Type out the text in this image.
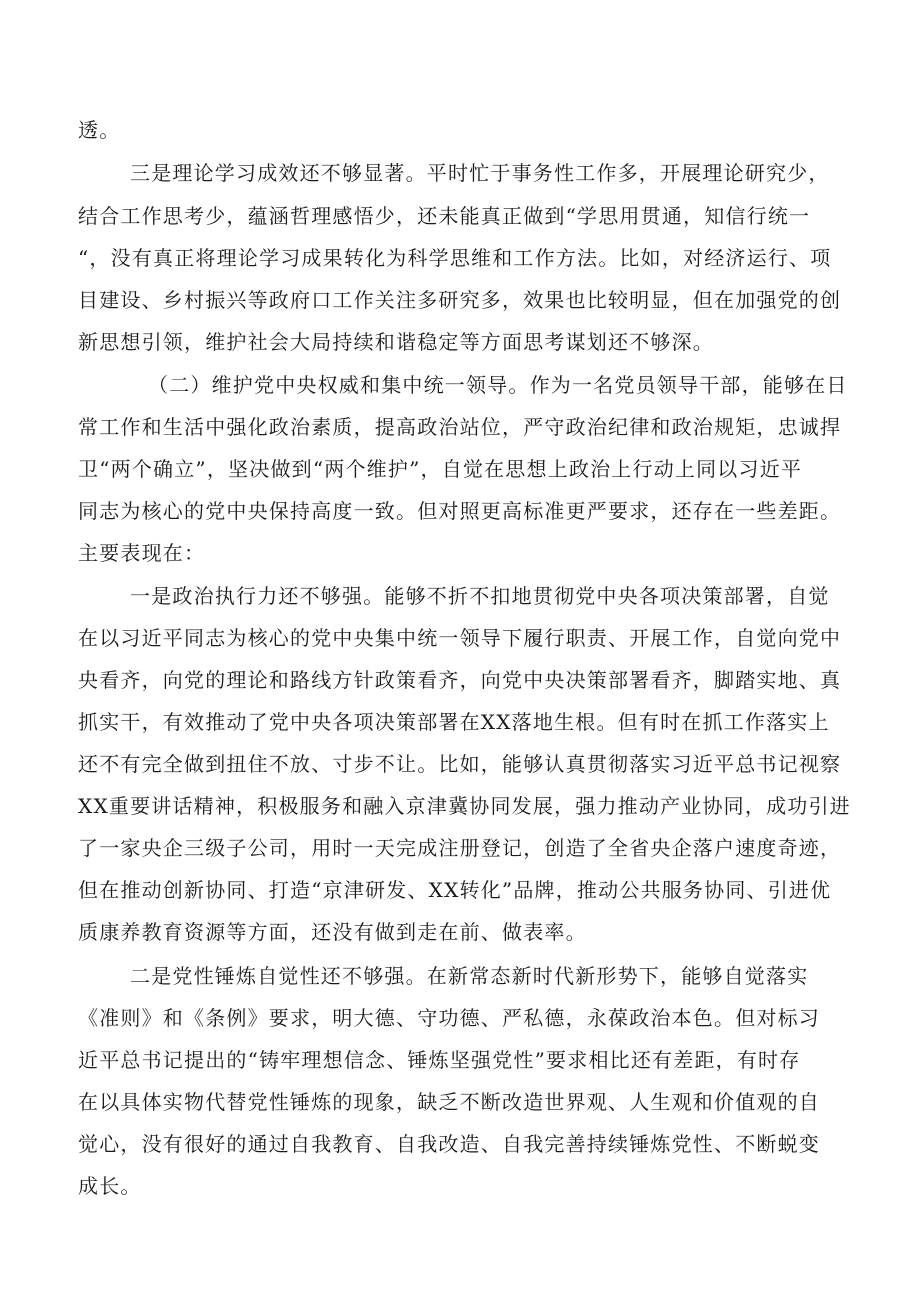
透。

三是理论学习成效还不够显著。平时忙于事务性工作多，开展理论研究少，

结合工作思考少，蕴涵哲理感悟少，还未能真正做到“学思用贯通，知信行统一

“，没有真正将理论学习成果转化为科学思维和工作方法。比如，对经济运行、项

目建设、乡村振兴等政府口工作关注多研究多，效果也比较明显，但在加强党的创

新思想引领，维护社会大局持续和谐稳定等方面思考谋划还不够深。

（二）维护党中央权威和集中统一领导。作为一名党员领导干部，能够在日

常工作和生活中强化政治素质，提高政治站位，严守政治纪律和政治规矩，忠诚捍

卫“两个确立”，坚决做到“两个维护”，自觉在思想上政治上行动上同以习近平

同志为核心的党中央保持高度一致。但对照更高标准更严要求，还存在一些差距。

主要表现在：

一是政治执行力还不够强。能够不折不扣地贯彻党中央各项决策部署，自觉

在以习近平同志为核心的党中央集中统一领导下履行职责、开展工作，自觉向党中

央看齐，向党的理论和路线方针政策看齐，向党中央决策部署看齐，脚踏实地、真

抓实干，有效推动了党中央各项决策部署在XX落地生根。但有时在抓工作落实上

还不有完全做到扭住不放、寸步不让。比如，能够认真贯彻落实习近平总书记视察

XX重要讲话精神，积极服务和融入京津冀协同发展，强力推动产业协同，成功引进

了一家央企三级子公司，用时一天完成注册登记，创造了全省央企落户速度奇迹，

但在推动创新协同、打造“京津研发、XX转化”品牌，推动公共服务协同、引进优

质康养教育资源等方面，还没有做到走在前、做表率。

二是党性锤炼自觉性还不够强。在新常态新时代新形势下，能够自觉落实

《准则》和《条例》要求，明大德、守功德、严私德，永葆政治本色。但对标习

近平总书记提出的“铸牢理想信念、锤炼坚强党性”要求相比还有差距，有时存

在以具体实物代替党性锤炼的现象，缺乏不断改造世界观、人生观和价值观的自

觉心，没有很好的通过自我教育、自我改造、自我完善持续锤炼党性、不断蜕变

成长。
